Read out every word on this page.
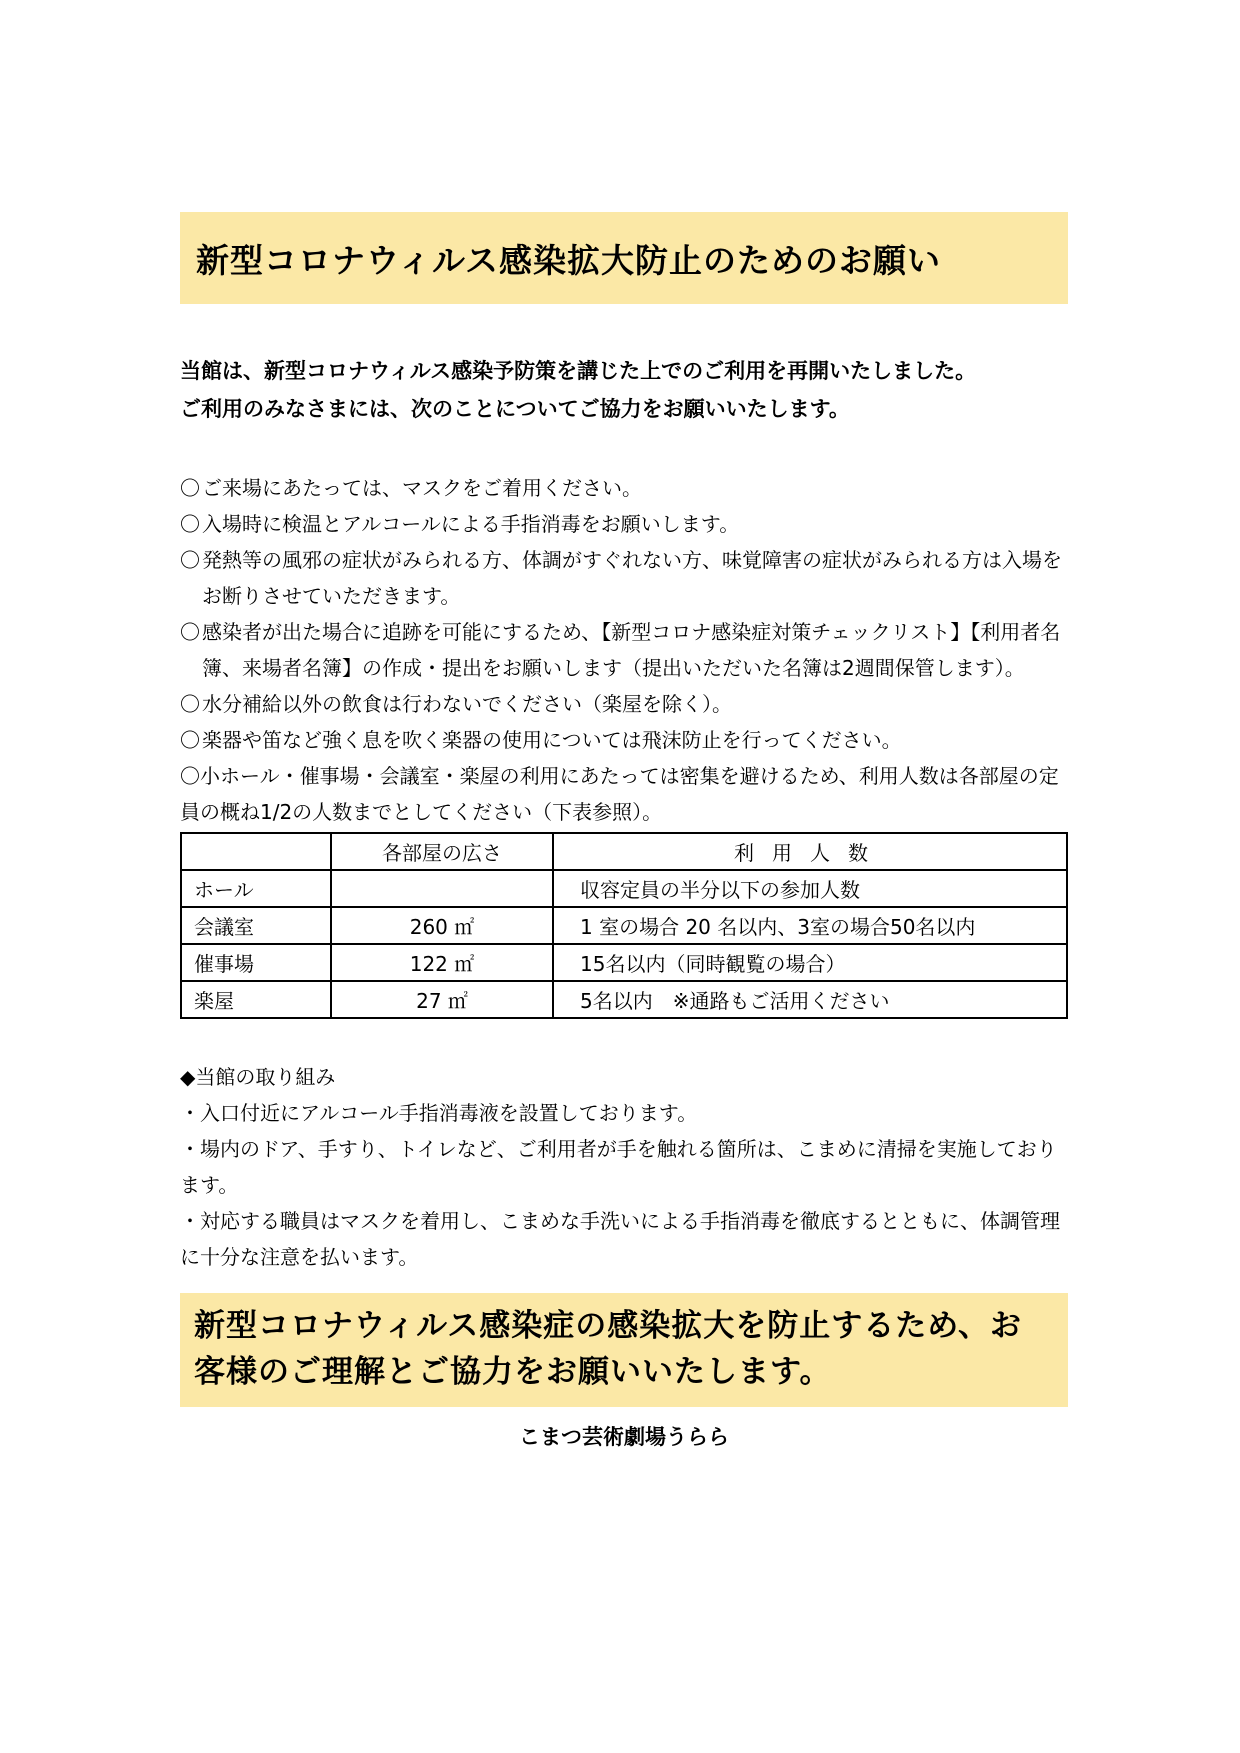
新型コロナウィルス感染拡大防止のためのお願い
当館は、新型コロナウィルス感染予防策を講じた上でのご利用を再開いたしました。
ご利用のみなさまには、次のことについてご協力をお願いいたします。
〇 ご来場にあたっては、マスクをご着用ください。
〇 入場時に検温とアルコールによる手指消毒をお願いします。
〇 発熱等の風邪の症状がみられる方、体調がすぐれない方、味覚障害の症状がみられる方は入場をお断りさせていただきます。
〇 感染者が出た場合に追跡を可能にするため、【新型コロナ感染症対策チェックリスト】【利用者名簿、来場者名簿】の作成・提出をお願いします（提出いただいた名簿は2週間保管します）。
〇 水分補給以外の飲食は行わないでください（楽屋を除く）。
〇 楽器や笛など強く息を吹く楽器の使用については飛沫防止を行ってください。
〇小ホール・催事場・会議室・楽屋の利用にあたっては密集を避けるため、利用人数は各部屋の定員の概ね1/2の人数までとしてください（下表参照）。
	各部屋の広さ	利用人数
ホール		収容定員の半分以下の参加人数
会議室	260 ㎡	1 室の場合 20 名以内、3室の場合50名以内
催事場	122 ㎡	15名以内（同時観覧の場合）
楽屋	27 ㎡	5名以内　※通路もご活用ください
◆当館の取り組み
・入口付近にアルコール手指消毒液を設置しております。
・場内のドア、手すり、トイレなど、ご利用者が手を触れる箇所は、こまめに清掃を実施しております。
・対応する職員はマスクを着用し、こまめな手洗いによる手指消毒を徹底するとともに、体調管理に十分な注意を払います。
新型コロナウィルス感染症の感染拡大を防止するため、お客様のご理解とご協力をお願いいたします。
こまつ芸術劇場うらら
